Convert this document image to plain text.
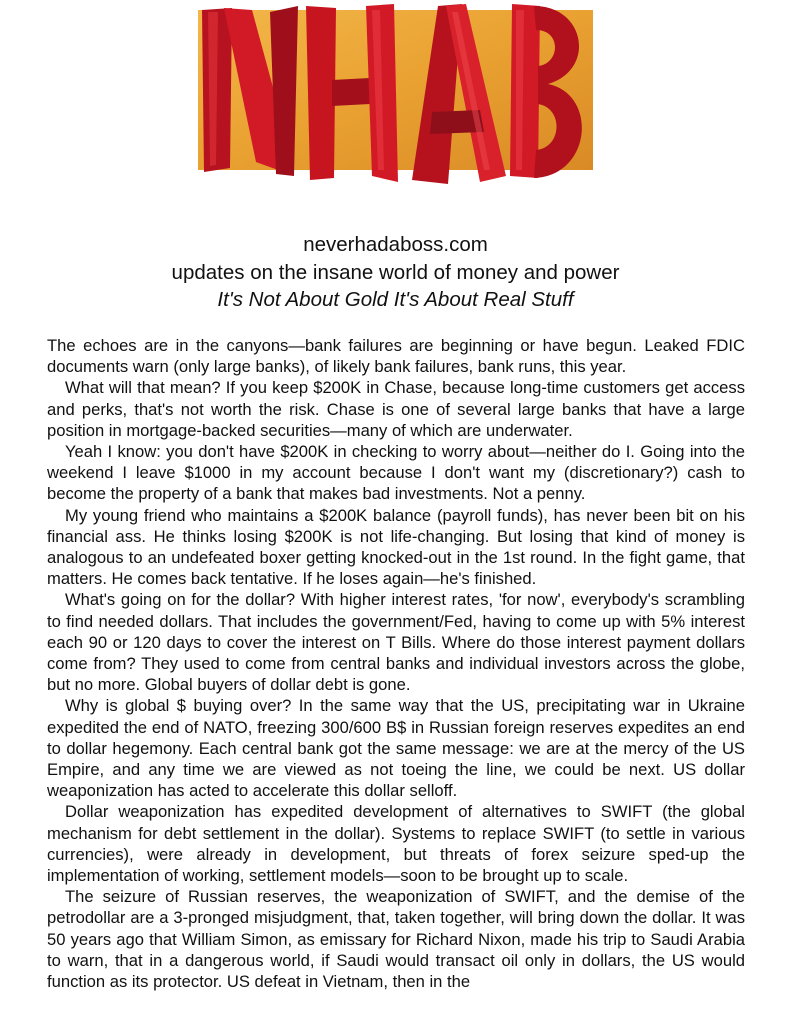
neverhadaboss.com
updates on the insane world of money and power
It's Not About Gold It's About Real Stuff

The echoes are in the canyons—bank failures are beginning or have begun. Leaked FDIC documents warn (only large banks), of likely bank failures, bank runs, this year.

What will that mean? If you keep $200K in Chase, because long-time customers get access and perks, that's not worth the risk. Chase is one of several large banks that have a large position in mortgage-backed securities—many of which are underwater.

Yeah I know: you don't have $200K in checking to worry about—neither do I. Going into the weekend I leave $1000 in my account because I don't want my (discretionary?) cash to become the property of a bank that makes bad investments. Not a penny.

My young friend who maintains a $200K balance (payroll funds), has never been bit on his financial ass. He thinks losing $200K is not life-changing. But losing that kind of money is analogous to an undefeated boxer getting knocked-out in the 1st round. In the fight game, that matters. He comes back tentative. If he loses again—he's finished.

What's going on for the dollar? With higher interest rates, 'for now', everybody's scrambling to find needed dollars. That includes the government/Fed, having to come up with 5% interest each 90 or 120 days to cover the interest on T Bills. Where do those interest payment dollars come from? They used to come from central banks and individual investors across the globe, but no more. Global buyers of dollar debt is gone.

Why is global $ buying over? In the same way that the US, precipitating war in Ukraine expedited the end of NATO, freezing 300/600 B$ in Russian foreign reserves expedites an end to dollar hegemony. Each central bank got the same message: we are at the mercy of the US Empire, and any time we are viewed as not toeing the line, we could be next. US dollar weaponization has acted to accelerate this dollar selloff.

Dollar weaponization has expedited development of alternatives to SWIFT (the global mechanism for debt settlement in the dollar). Systems to replace SWIFT (to settle in various currencies), were already in development, but threats of forex seizure sped-up the implementation of working, settlement models—soon to be brought up to scale.

The seizure of Russian reserves, the weaponization of SWIFT, and the demise of the petrodollar are a 3-pronged misjudgment, that, taken together, will bring down the dollar. It was 50 years ago that William Simon, as emissary for Richard Nixon, made his trip to Saudi Arabia to warn, that in a dangerous world, if Saudi would transact oil only in dollars, the US would function as its protector. US defeat in Vietnam, then in the
